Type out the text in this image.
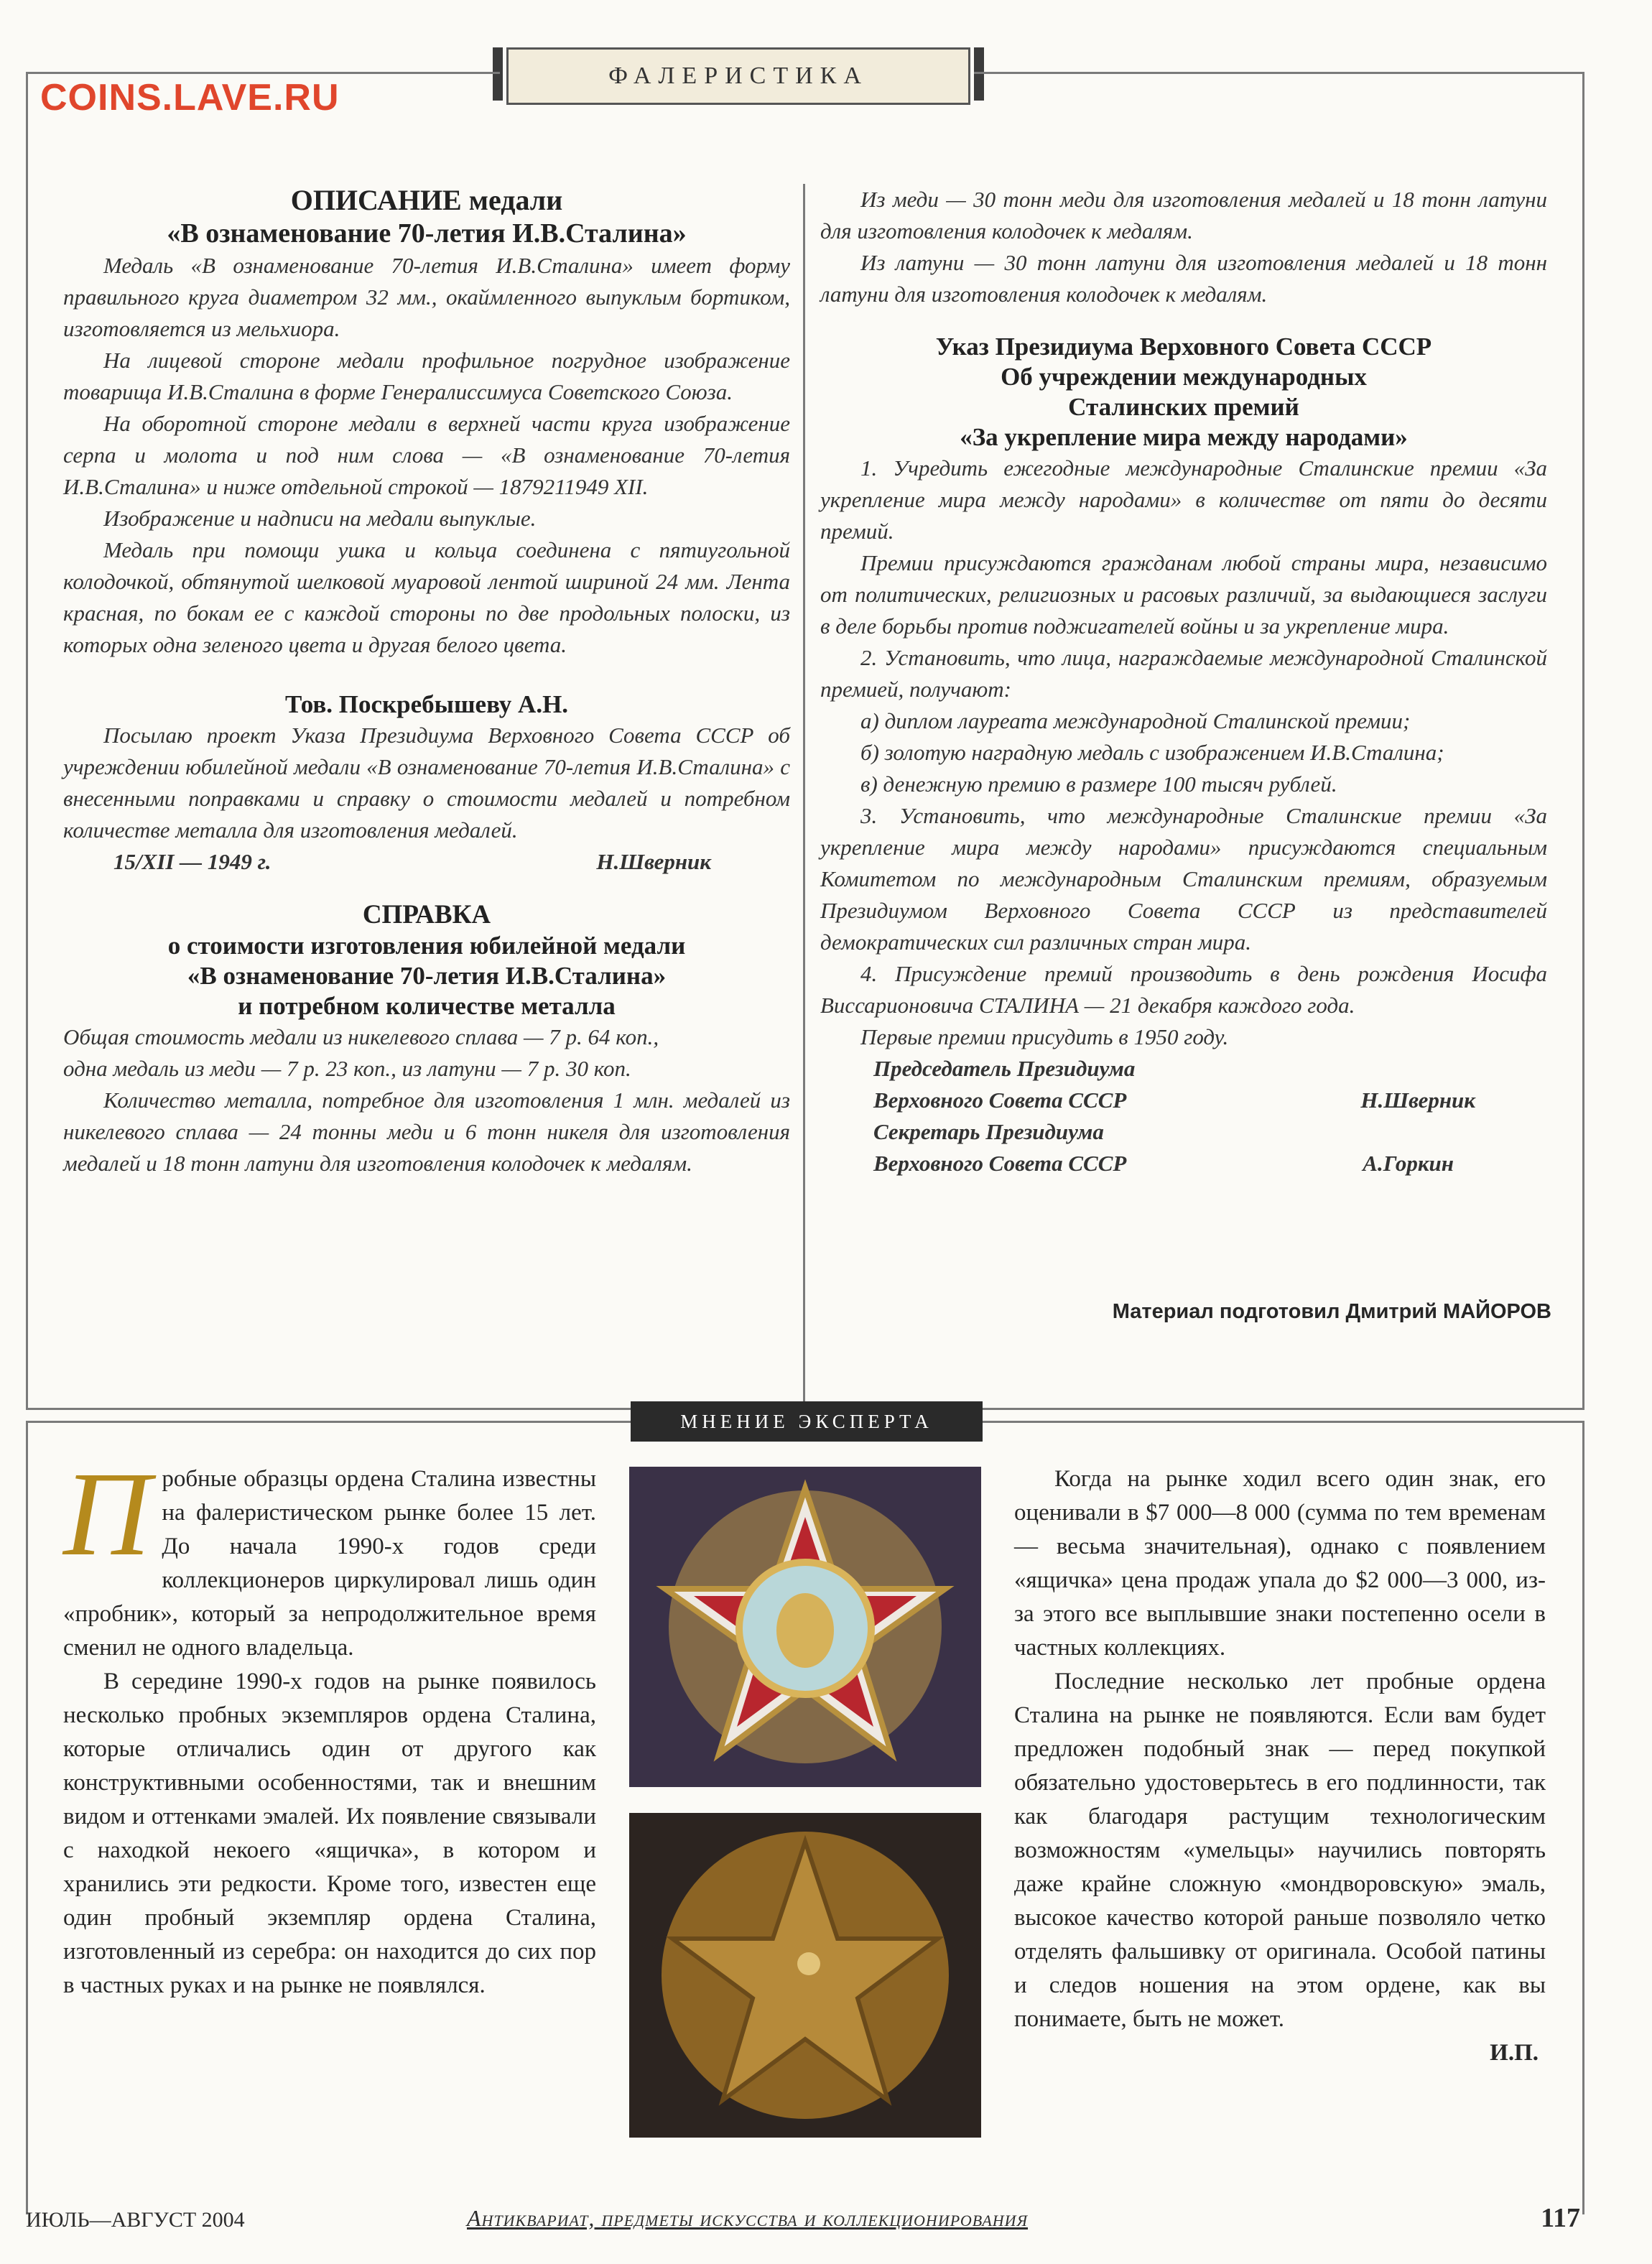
COINS.LAVE.RU
ФАЛЕРИСТИКА
ОПИСАНИЕ медали
«В ознаменование 70-летия И.В.Сталина»

Медаль «В ознаменование 70-летия И.В.Сталина» имеет форму правильного круга диаметром 32 мм., окаймленного выпуклым бортиком, изготовляется из мельхиора.

На лицевой стороне медали профильное погрудное изображение товарища И.В.Сталина в форме Генералиссимуса Советского Союза.

На оборотной стороне медали в верхней части круга изображение серпа и молота и под ним слова — «В ознаменование 70-летия И.В.Сталина» и ниже отдельной строкой — 1879211949 XII.

Изображение и надписи на медали выпуклые.

Медаль при помощи ушка и кольца соединена с пятиугольной колодочкой, обтянутой шелковой муаровой лентой шириной 24 мм. Лента красная, по бокам ее с каждой стороны по две продольных полоски, из которых одна зеленого цвета и другая белого цвета.

Тов. Поскребышеву А.Н.

Посылаю проект Указа Президиума Верховного Совета СССР об учреждении юбилейной медали «В ознаменование 70-летия И.В.Сталина» с внесенными поправками и справку о стоимости медалей и потребном количестве металла для изготовления медалей.

15/XII — 1949 г.	Н.Шверник
СПРАВКА
о стоимости изготовления юбилейной медали
«В ознаменование 70-летия И.В.Сталина»
и потребном количестве металла
Общая стоимость медали из никелевого сплава — 7 р. 64 коп.,
одна медаль из меди — 7 р. 23 коп., из латуни — 7 р. 30 коп.

Количество металла, потребное для изготовления 1 млн. медалей из никелевого сплава — 24 тонны меди и 6 тонн никеля для изготовления медалей и 18 тонн латуни для изготовления колодочек к медалям.

Из меди — 30 тонн меди для изготовления медалей и 18 тонн латуни для изготовления колодочек к медалям.

Из латуни — 30 тонн латуни для изготовления медалей и 18 тонн латуни для изготовления колодочек к медалям.

Указ Президиума Верховного Совета СССР
Об учреждении международных
Сталинских премий
«За укрепление мира между народами»

1. Учредить ежегодные международные Сталинские премии «За укрепление мира между народами» в количестве от пяти до десяти премий.

Премии присуждаются гражданам любой страны мира, независимо от политических, религиозных и расовых различий, за выдающиеся заслуги в деле борьбы против поджигателей войны и за укрепление мира.

2. Установить, что лица, награждаемые международной Сталинской премией, получают:

а) диплом лауреата международной Сталинской премии;

б) золотую наградную медаль с изображением И.В.Сталина;

в) денежную премию в размере 100 тысяч рублей.

3. Установить, что международные Сталинские премии «За укрепление мира между народами» присуждаются специальным Комитетом по международным Сталинским премиям, образуемым Президиумом Верховного Совета СССР из представителей демократических сил различных стран мира.

4. Присуждение премий производить в день рождения Иосифа Виссарионовича СТАЛИНА — 21 декабря каждого года.

Первые премии присудить в 1950 году.

Председатель Президиума
Верховного Совета СССР	Н.Шверник
Секретарь Президиума
Верховного Совета СССР	А.Горкин
Материал подготовил Дмитрий МАЙОРОВ
МНЕНИЕ ЭКСПЕРТА

Пробные образцы ордена Сталина известны на фалеристическом рынке более 15 лет. До начала 1990-х годов среди коллекционеров циркулировал лишь один «пробник», который за непродолжительное время сменил не одного владельца.

В середине 1990-х годов на рынке появилось несколько пробных экземпляров ордена Сталина, которые отличались один от другого как конструктивными особенностями, так и внешним видом и оттенками эмалей. Их появление связывали с находкой некоего «ящичка», в котором и хранились эти редкости. Кроме того, известен еще один пробный экземпляр ордена Сталина, изготовленный из серебра: он находится до сих пор в частных руках и на рынке не появлялся.

Когда на рынке ходил всего один знак, его оценивали в $7 000—8 000 (сумма по тем временам — весьма значительная), однако с появлением «ящичка» цена продаж упала до $2 000—3 000, из-за этого все выплывшие знаки постепенно осели в частных коллекциях.

Последние несколько лет пробные ордена Сталина на рынке не появляются. Если вам будет предложен подобный знак — перед покупкой обязательно удостоверьтесь в его подлинности, так как благодаря растущим технологическим возможностям «умельцы» научились повторять даже крайне сложную «мондворовскую» эмаль, высокое качество которой раньше позволяло четко отделять фальшивку от оригинала. Особой патины и следов ношения на этом ордене, как вы понимаете, быть не может.

И.П.
ИЮЛЬ—АВГУСТ 2004	Антиквариат, предметы искусства и коллекционирования	117
